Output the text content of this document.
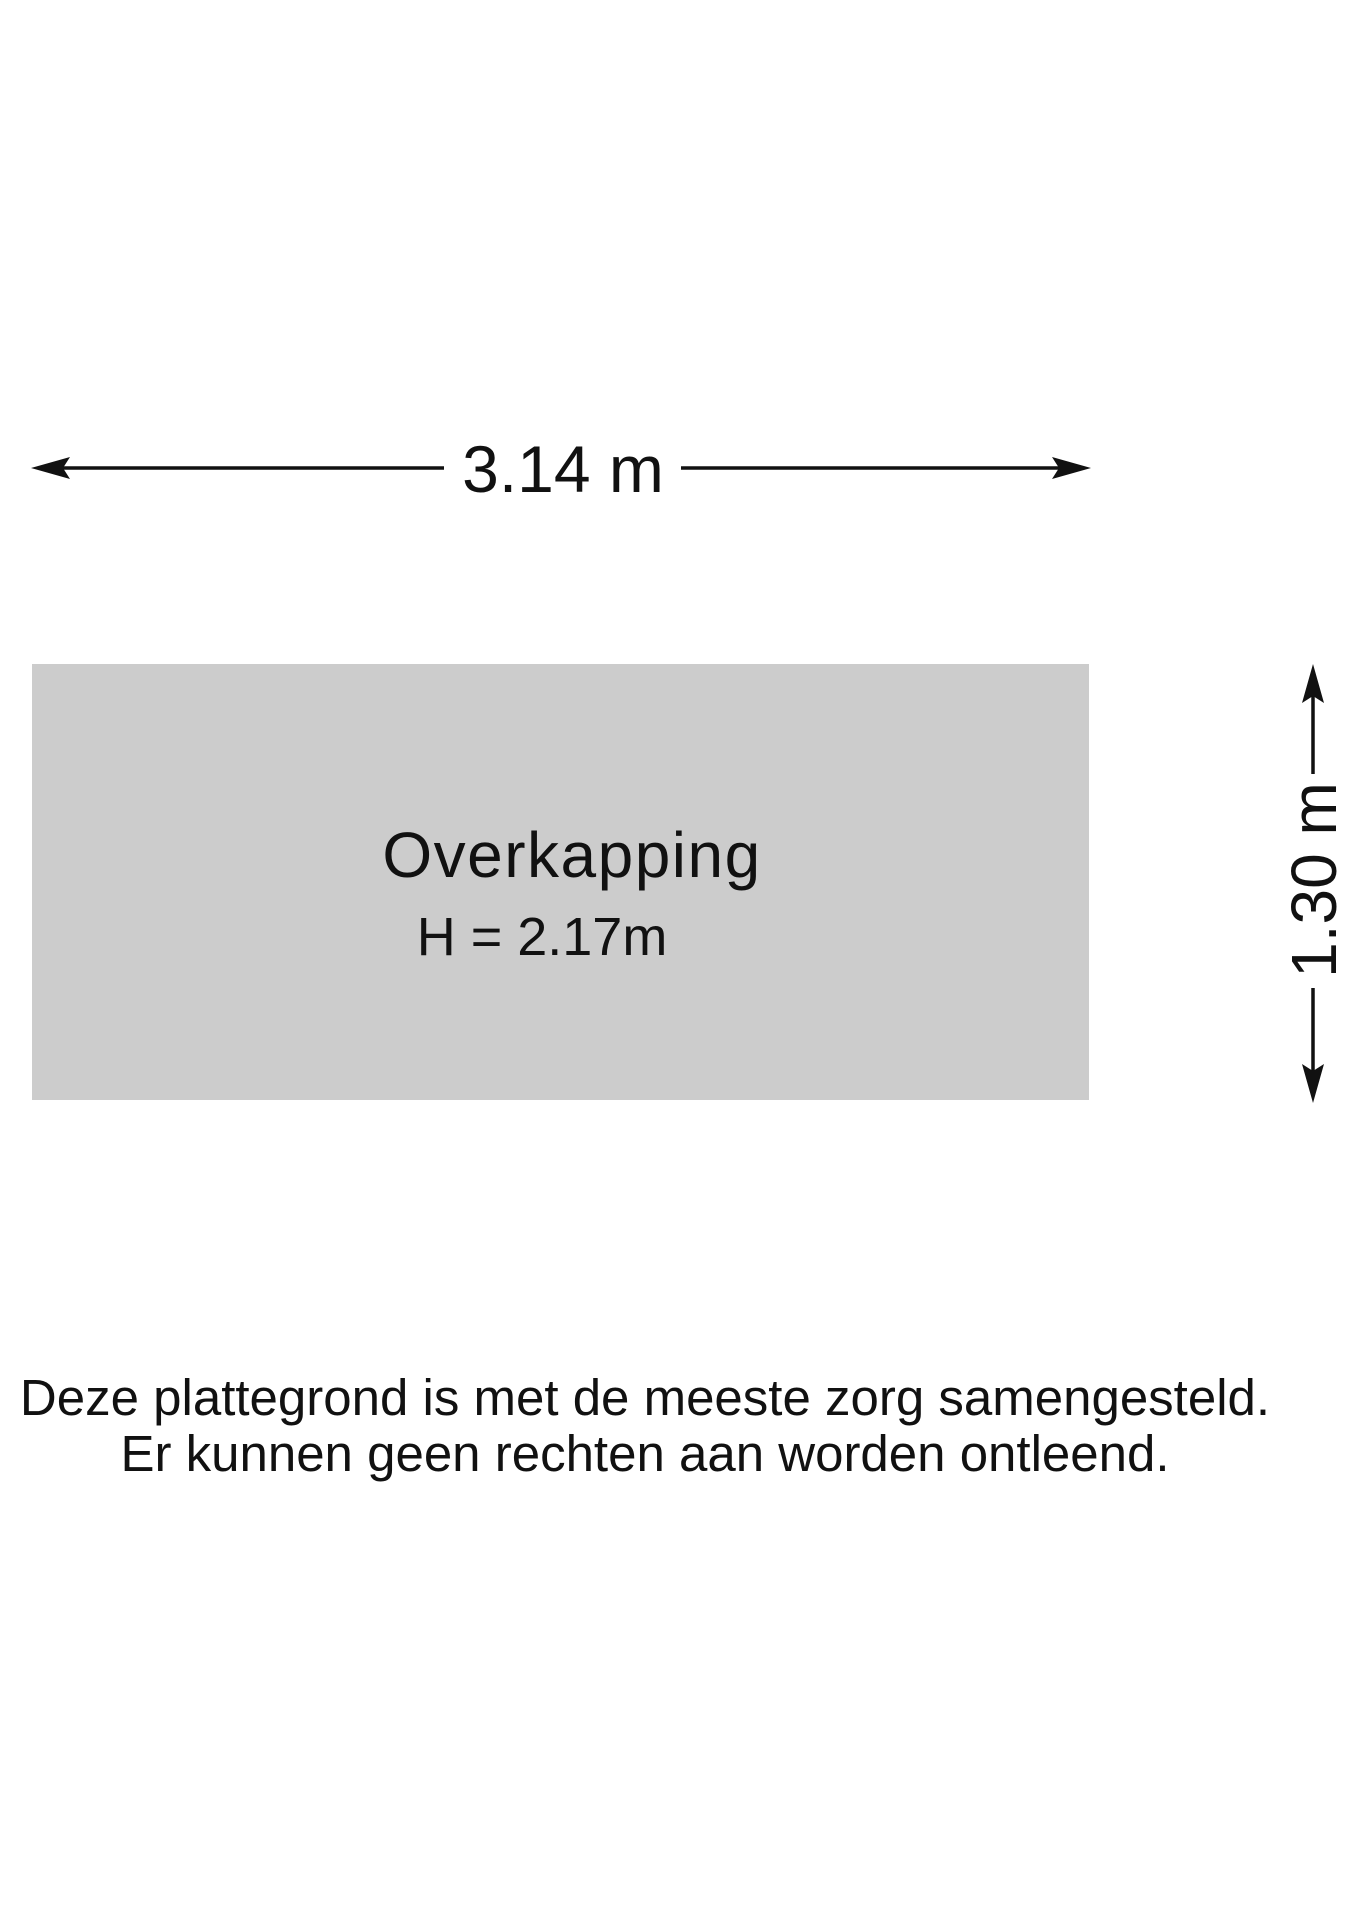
3.14 m
Overkapping
H = 2.17m	1.30 m
Deze plattegrond is met de meeste zorg samengesteld.
Er kunnen geen rechten aan worden ontleend.
